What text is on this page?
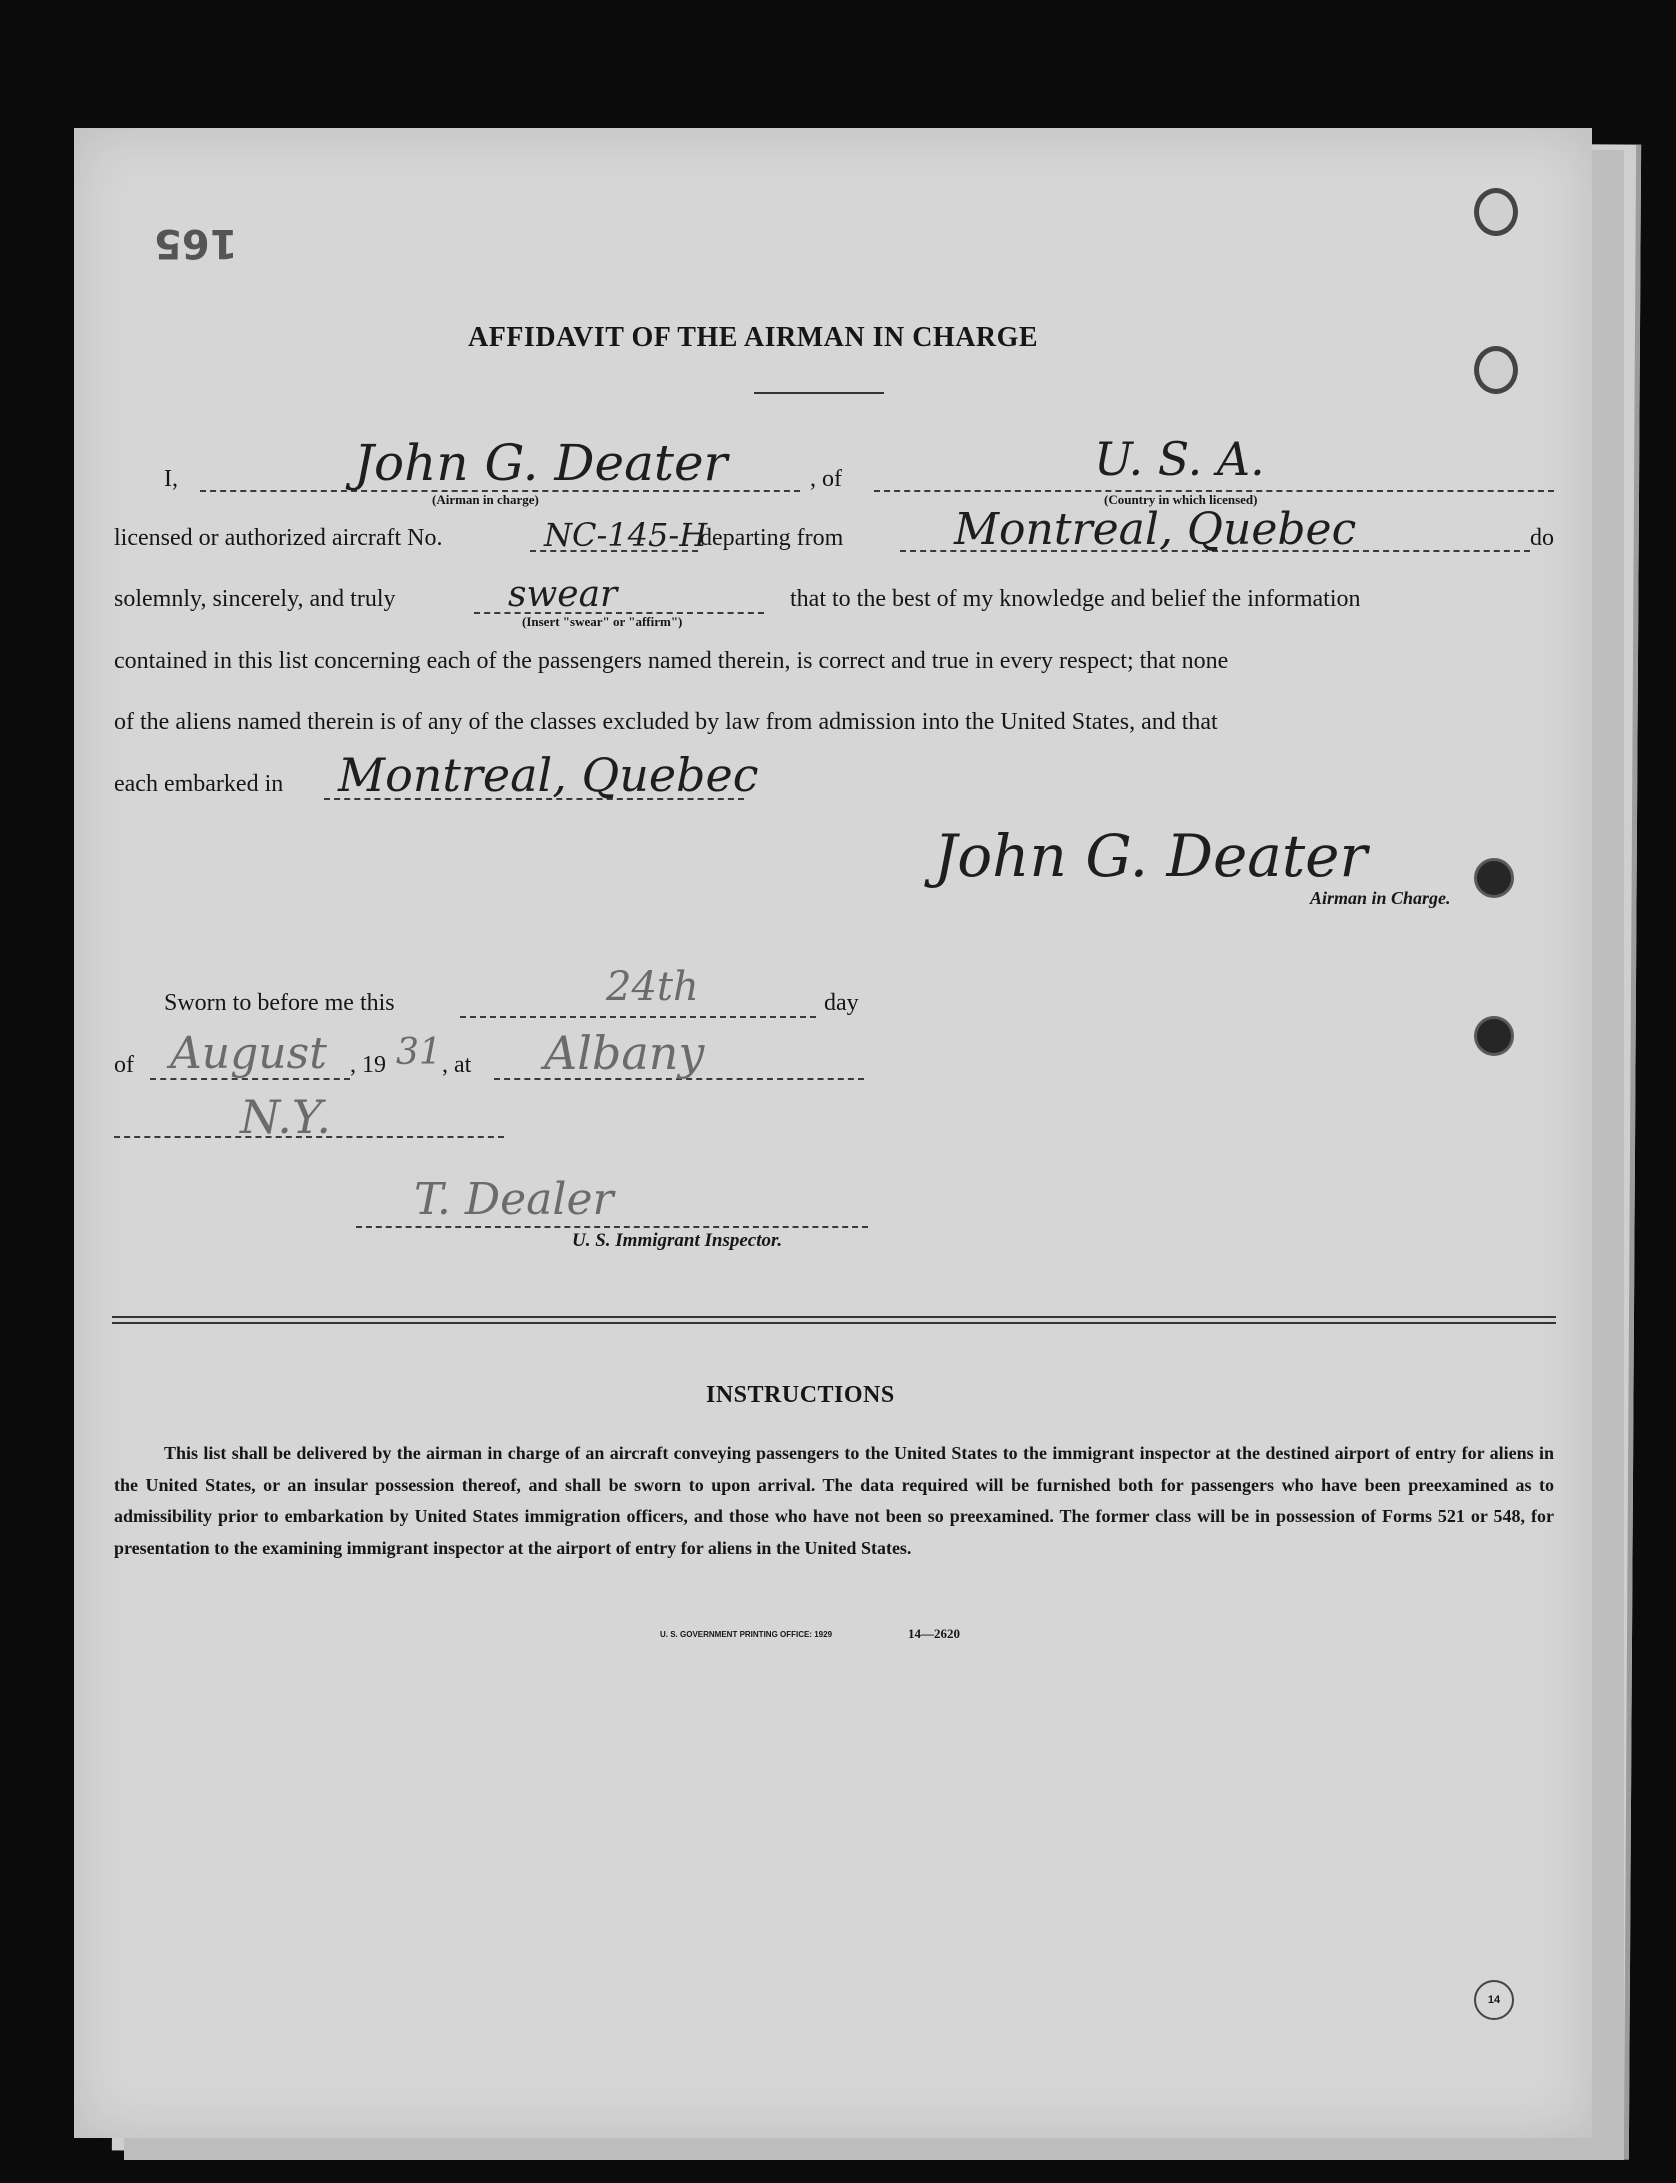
165
AFFIDAVIT OF THE AIRMAN IN CHARGE
I,	John G. Deater
(Airman in charge)
, of	U. S. A.
(Country in which licensed)
licensed or authorized aircraft No.	NC-145-H
departing from	Montreal, Quebec	do
solemnly, sincerely, and truly	swear
(Insert "swear" or "affirm")
that to the best of my knowledge and belief the information
contained in this list concerning each of the passengers named therein, is correct and true in every respect; that none
of the aliens named therein is of any of the classes excluded by law from admission into the United States, and that
each embarked in Montreal, Quebec
John G. Deater
Airman in Charge.
Sworn to before me this	24th	day
of August , 19 31 , at Albany
N.Y.
T. Dealer
U. S. Immigrant Inspector.
INSTRUCTIONS

This list shall be delivered by the airman in charge of an aircraft conveying passengers to the United States to the immigrant inspector at the destined airport of entry for aliens in the United States, or an insular possession thereof, and shall be sworn to upon arrival. The data required will be furnished both for passengers who have been preexamined as to admissibility prior to embarkation by United States immigration officers, and those who have not been so preexamined. The former class will be in possession of Forms 521 or 548, for presentation to the examining immigrant inspector at the airport of entry for aliens in the United States.

U. S. GOVERNMENT PRINTING OFFICE: 1929	14—2620
14
